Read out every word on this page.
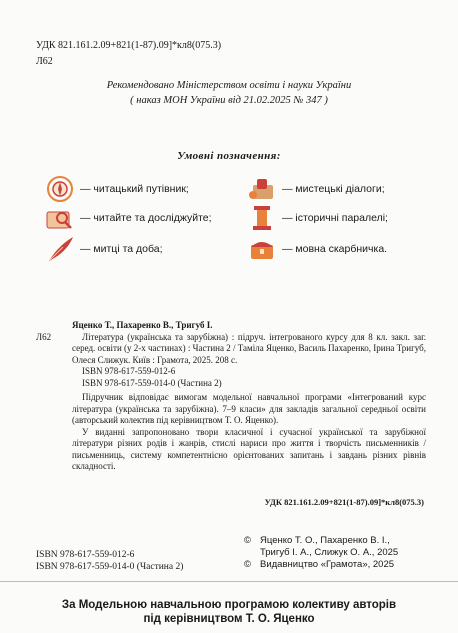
УДК 821.161.2.09+821(1-87).09]*кл8(075.3)
Л62
Рекомендовано Міністерством освіти і науки України
( наказ МОН України від 21.02.2025 № 347 )
Умовні позначення:
— читацький путівник;	— мистецькі діалоги;
— читайте та досліджуйте;	— історичні паралелі;
— митці та доба;	— мовна скарбничка.
Л62
Яценко Т., Пахаренко В., Тригуб І.

Література (українська та зарубіжна) : підруч. інтегрованого курсу для 8 кл. закл. заг. серед. освіти (у 2-х частинах) : Частина 2 / Таміла Яценко, Василь Пахаренко, Ірина Тригуб, Олеся Слижук. Київ : Грамота, 2025. 208 с.

ISBN 978-617-559-012-6

ISBN 978-617-559-014-0 (Частина 2)

Підручник відповідає вимогам модельної навчальної програми «Інтегрований курс література (українська та зарубіжна). 7–9 класи» для закладів загальної середньої освіти (авторський колектив під керівництвом Т. О. Яценко).

У виданні запропоновано твори класичної і сучасної української та зарубіжної літератури різних родів і жанрів, стислі нариси про життя і творчість письменників / письменниць, систему компетентнісно орієнтованих запитань і завдань різних рівнів складності.

УДК 821.161.2.09+821(1-87).09]*кл8(075.3)
ISBN 978-617-559-012-6
ISBN 978-617-559-014-0 (Частина 2)
© Яценко Т. О., Пахаренко В. І.,
Тригуб І. А., Слижук О. А., 2025
© Видавництво «Грамота», 2025
За Модельною навчальною програмою колективу авторів
під керівництвом Т. О. Яценко
